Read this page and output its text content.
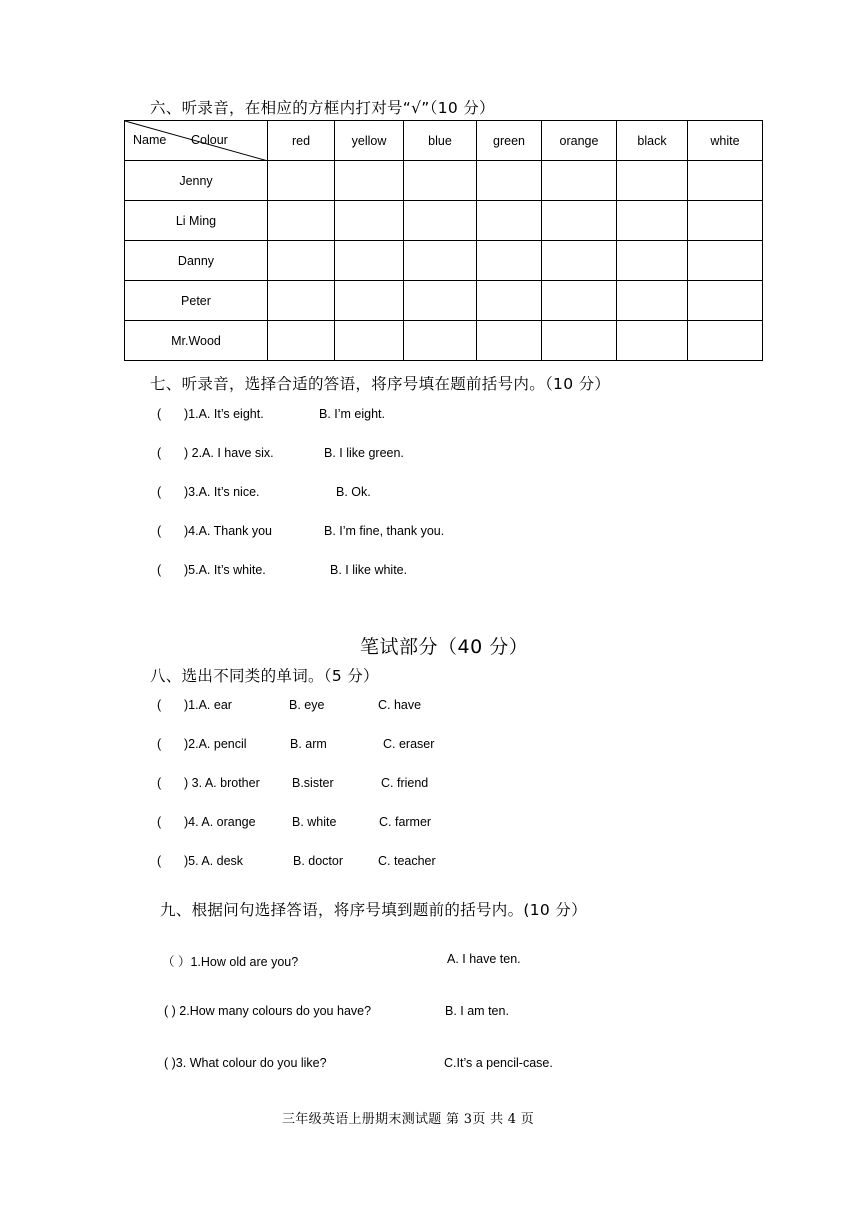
六、听录音，在相应的方框内打对号“√”（10 分）
Name Colour	red	yellow	blue	green	orange	black	white
Jenny							
Li Ming							
Danny							
Peter							
Mr.Wood							
七、听录音，选择合适的答语，将序号填在题前括号内。（10 分）
( )1.A. It’s eight.	B. I’m eight.
( ) 2.A. I have six.	B. I like green.
( )3.A. It’s nice.	B. Ok.
( )4.A. Thank you	B. I’m fine, thank you.
( )5.A. It’s white.	B. I like white.
笔试部分（40 分）
八、选出不同类的单词。（5 分）
( )1.A. ear	B. eye	C. have
( )2.A. pencil	B. arm	C. eraser
( ) 3. A. brother	B.sister	C. friend
( )4. A. orange	B. white	C. farmer
( )5. A. desk	B. doctor	C. teacher
九、根据问句选择答语，将序号填到题前的括号内。(10 分）
（ ）1.How old are you?	A. I have ten.
( ) 2.How many colours do you have?	B. I am ten.
( )3. What colour do you like?	C.It’s a pencil-case.
三年级英语上册期末测试题 第 3页 共 4 页
